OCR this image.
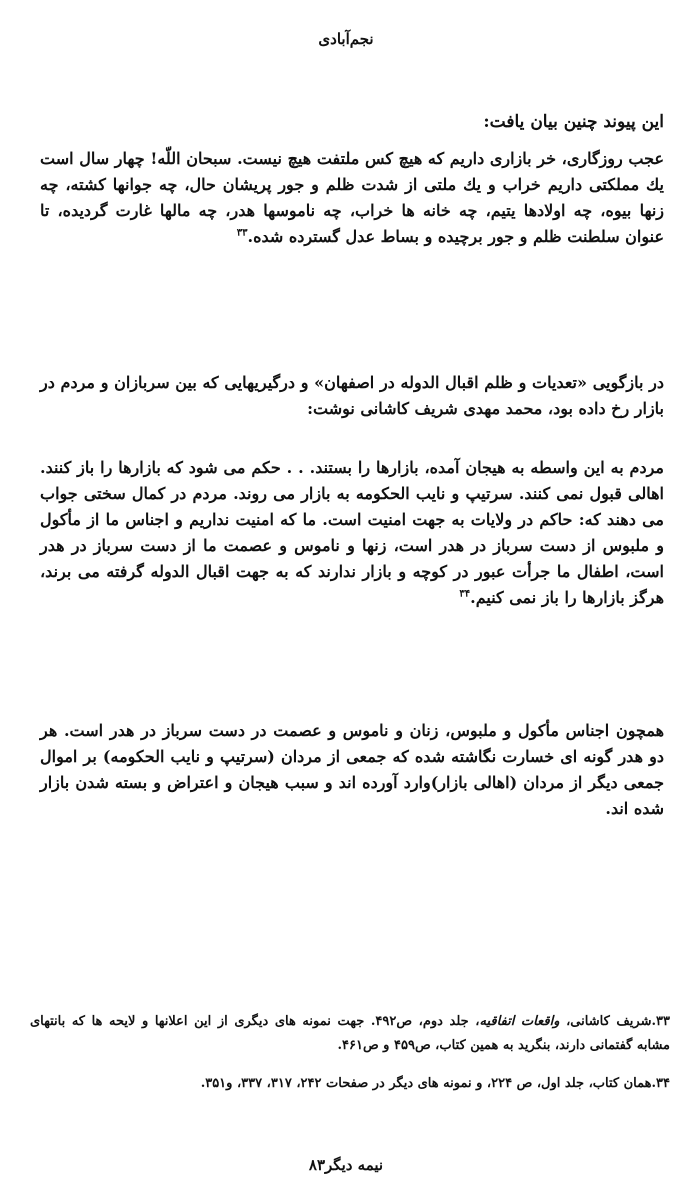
نجم‌آبادی
این پیوند چنین بیان یافت:

عجب روزگاری، خر بازاری داریم که هیچ کس ملتفت هیچ نیست. سبحان اللّه! چهار سال است یك مملکتی داریم خراب و یك ملتی از شدت ظلم و جور پریشان حال، چه جوانها کشته، چه زنها بیوه، چه اولادها یتیم، چه خانه ها خراب، چه ناموسها هدر، چه مالها غارت گردیده، تا عنوان سلطنت ظلم و جور برچیده و بساط عدل گسترده شده.$^{۳۳}$

در بازگویی «تعدیات و ظلم اقبال الدوله در اصفهان» و درگیریهایی که بین سربازان و مردم در بازار رخ داده بود، محمد مهدی شریف کاشانی نوشت:

مردم به این واسطه به هیجان آمده، بازارها را بستند. . . حکم می شود که بازارها را باز کنند. اهالی قبول نمی کنند. سرتیپ و نایب الحکومه به بازار می روند. مردم در کمال سختی جواب می دهند که: حاکم در ولایات به جهت امنیت است. ما که امنیت نداریم و اجناس ما از مأکول و ملبوس از دست سرباز در هدر است، زنها و ناموس و عصمت ما از دست سرباز در هدر است، اطفال ما جرأت عبور در کوچه و بازار ندارند که به جهت اقبال الدوله گرفته می برند، هرگز بازارها را باز نمی کنیم.$^{۳۴}$

همچون اجناس مأکول و ملبوس، زنان و ناموس و عصمت در دست سرباز در هدر است. هر دو هدر گونه ای خسارت نگاشته شده که جمعی از مردان (سرتیپ و نایب الحکومه) بر اموال جمعی دیگر از مردان (اهالی بازار)وارد آورده اند و سبب هیجان و اعتراض و بسته شدن بازار شده اند.

۳۳.شریف کاشانی، واقعات اتفاقیه، جلد دوم، ص۴۹۲. جهت نمونه های دیگری از این اعلانها و لایحه ها که بانتهای مشابه گفتمانی دارند، بنگرید به همین کتاب، ص۴۵۹ و ص۴۶۱.

۳۴.همان کتاب، جلد اول، ص ۲۲۴، و نمونه های دیگر در صفحات ۲۴۲، ۳۱۷، ۳۳۷، و۳۵۱.

نیمه دیگر۸۳
